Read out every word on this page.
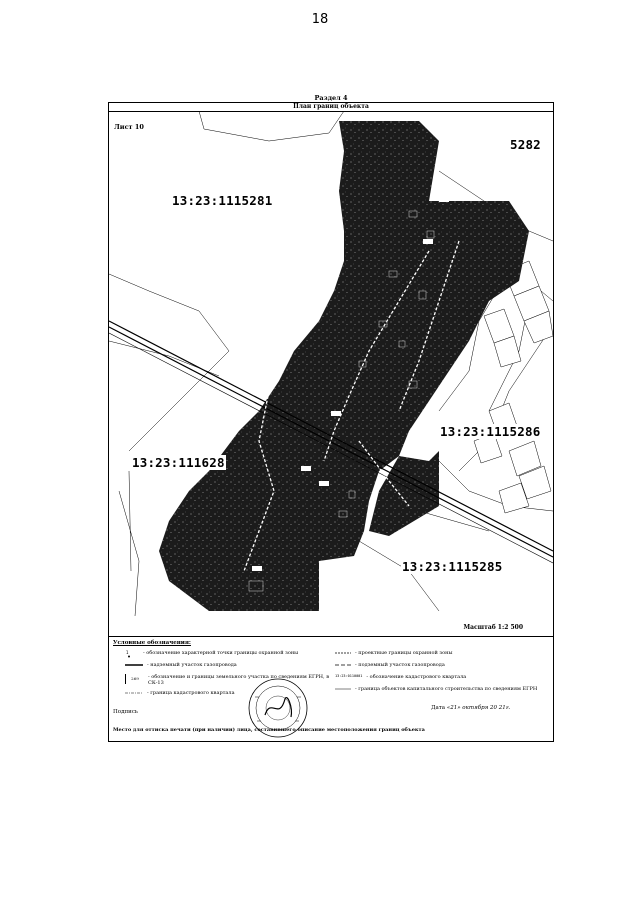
18
Раздел 4
План границ объекта
Лист 10
13:23:1115281
5282
13:23:1115286
13:23:111628
13:23:1115285
Масштаб 1:2 500
Условные обозначения:
1	- обозначение характерной точки границы охранной зоны
- надземный участок газопровода
269	- обозначение и границы земельного участка по сведениям ЕГРН, в СК-13
- граница кадастрового квартала
- проектные границы охранной зоны
- подземный участок газопровода
13:23:0110001 - обозначение кадастрового квартала
- граница объектов капитального строительства по сведениям ЕГРН
Подпись
Дата «21» октября 20 21г.
Место для оттиска печати (при наличии) лица, составившего описание местоположения границ объекта
